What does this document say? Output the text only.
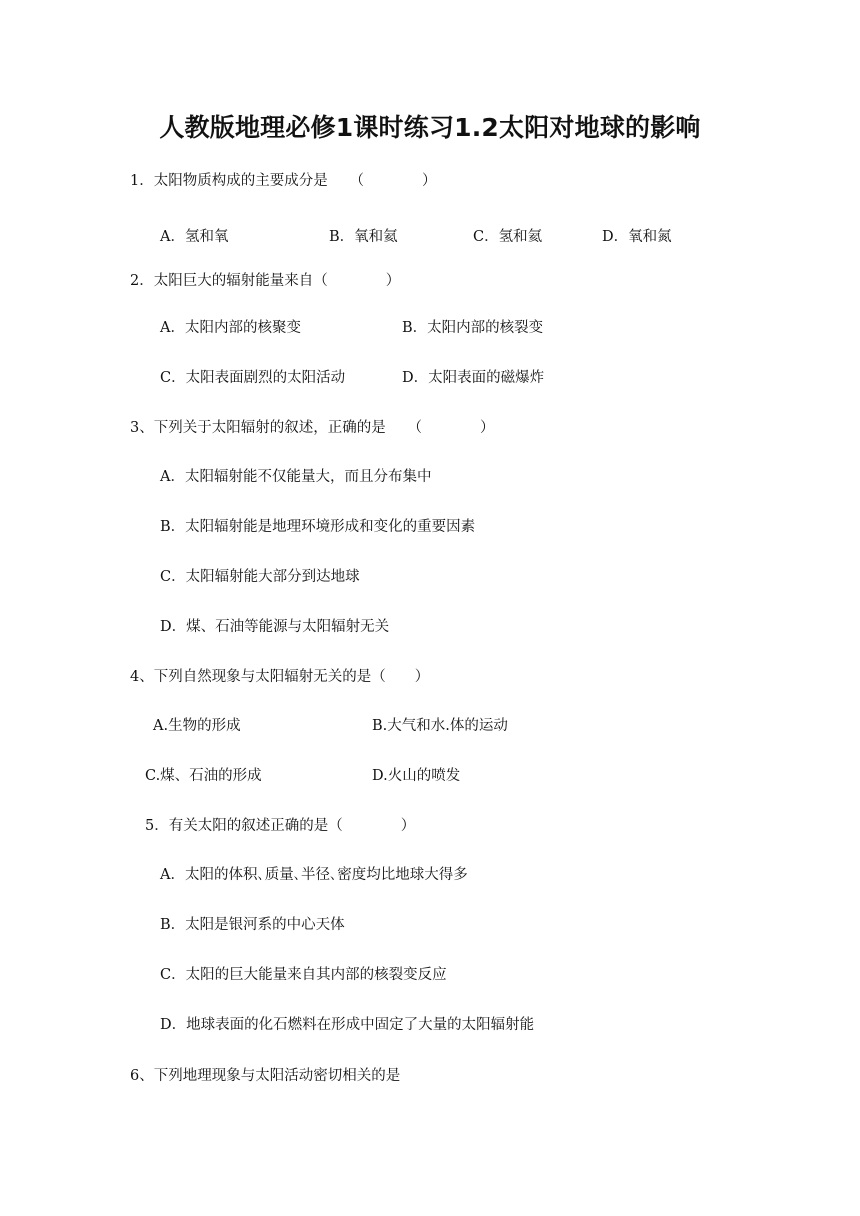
人教版地理必修1课时练习1.2太阳对地球的影响
1．太阳物质构成的主要成分是　　（　　　　）
A．氢和氧	B．氧和氦	C．氢和氦	D．氧和氮
2．太阳巨大的辐射能量来自（　　　　）
A．太阳内部的核聚变	B．太阳内部的核裂变
C．太阳表面剧烈的太阳活动	D．太阳表面的磁爆炸
3、下列关于太阳辐射的叙述，正确的是　　（　　　　）
A．太阳辐射能不仅能量大，而且分布集中
B．太阳辐射能是地理环境形成和变化的重要因素
C．太阳辐射能大部分到达地球
D．煤、石油等能源与太阳辐射无关
4、下列自然现象与太阳辐射无关的是（　　）
A.生物的形成	B.大气和水.体的运动
C.煤、石油的形成	D.火山的喷发
5．有关太阳的叙述正确的是（　　　　）
A．太阳的体积､质量､半径､密度均比地球大得多
B．太阳是银河系的中心天体
C．太阳的巨大能量来自其内部的核裂变反应
D．地球表面的化石燃料在形成中固定了大量的太阳辐射能
6、下列地理现象与太阳活动密切相关的是
